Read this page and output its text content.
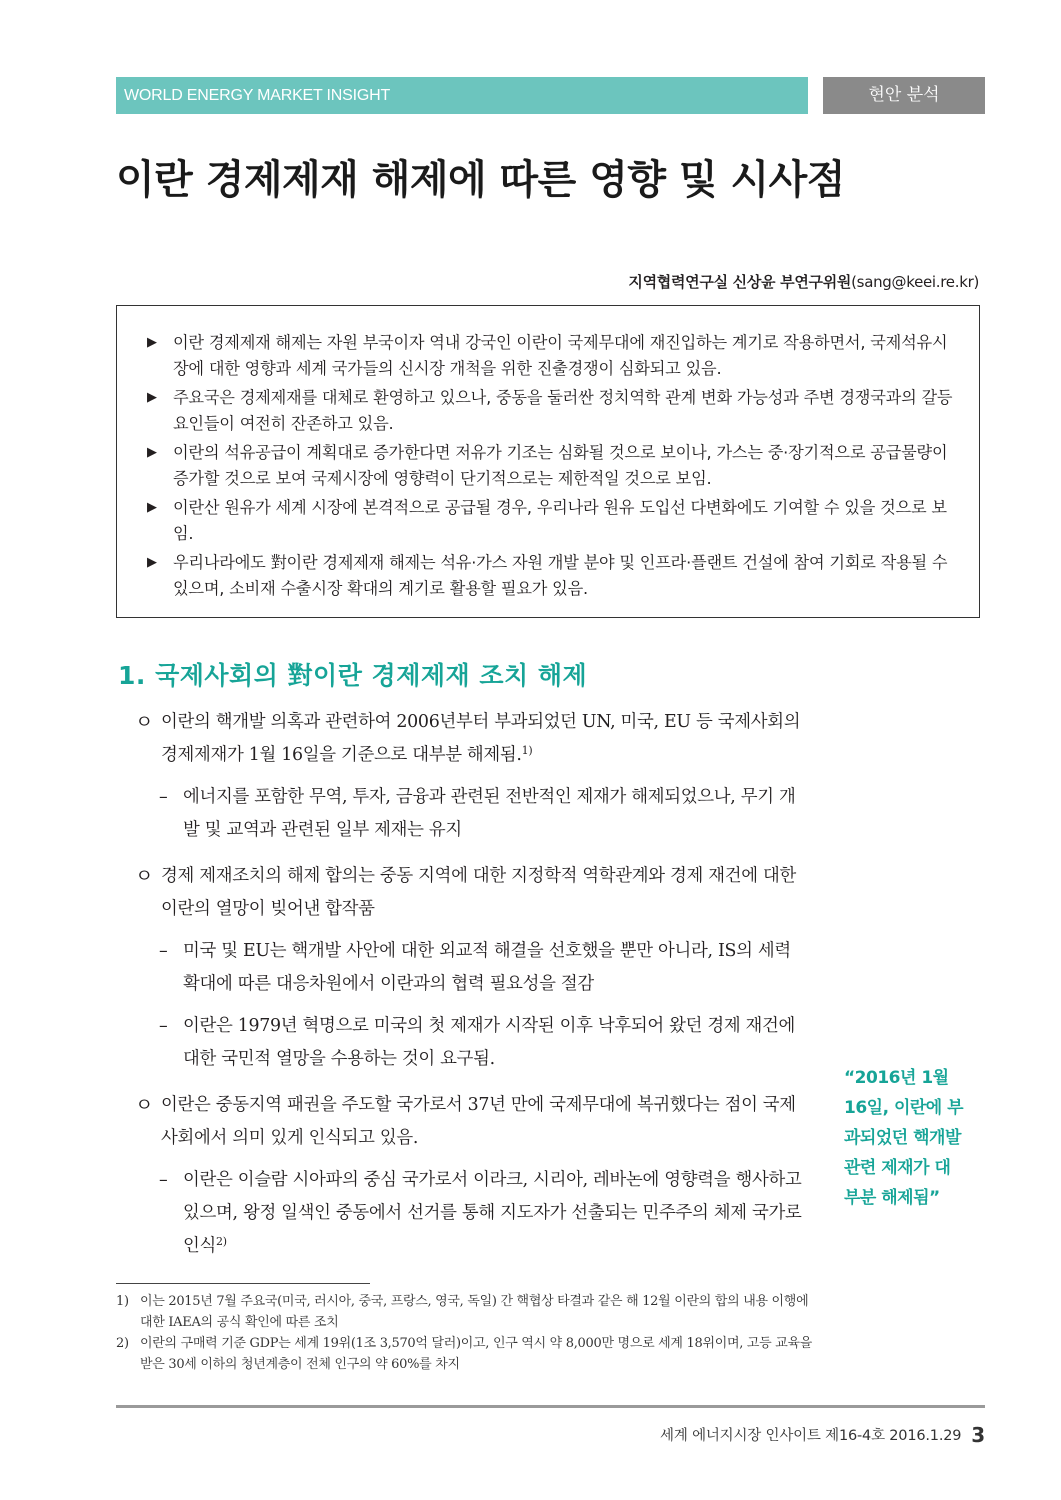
WORLD ENERGY MARKET INSIGHT	현안 분석
이란 경제제재 해제에 따른 영향 및 시사점
지역협력연구실 신상윤 부연구위원(sang@keei.re.kr)
▶ 이란 경제제재 해제는 자원 부국이자 역내 강국인 이란이 국제무대에 재진입하는 계기로 작용하면서, 국제석유시장에 대한 영향과 세계 국가들의 신시장 개척을 위한 진출경쟁이 심화되고 있음.
▶ 주요국은 경제제재를 대체로 환영하고 있으나, 중동을 둘러싼 정치역학 관계 변화 가능성과 주변 경쟁국과의 갈등 요인들이 여전히 잔존하고 있음.
▶ 이란의 석유공급이 계획대로 증가한다면 저유가 기조는 심화될 것으로 보이나, 가스는 중·장기적으로 공급물량이 증가할 것으로 보여 국제시장에 영향력이 단기적으로는 제한적일 것으로 보임.
▶ 이란산 원유가 세계 시장에 본격적으로 공급될 경우, 우리나라 원유 도입선 다변화에도 기여할 수 있을 것으로 보임.
▶ 우리나라에도 對이란 경제제재 해제는 석유·가스 자원 개발 분야 및 인프라·플랜트 건설에 참여 기회로 작용될 수 있으며, 소비재 수출시장 확대의 계기로 활용할 필요가 있음.
1. 국제사회의 對이란 경제제재 조치 해제
ㅇ 이란의 핵개발 의혹과 관련하여 2006년부터 부과되었던 UN, 미국, EU 등 국제사회의 경제제재가 1월 16일을 기준으로 대부분 해제됨.$^{1)}$
– 에너지를 포함한 무역, 투자, 금융과 관련된 전반적인 제재가 해제되었으나, 무기 개발 및 교역과 관련된 일부 제재는 유지
ㅇ 경제 제재조치의 해제 합의는 중동 지역에 대한 지정학적 역학관계와 경제 재건에 대한 이란의 열망이 빚어낸 합작품
– 미국 및 EU는 핵개발 사안에 대한 외교적 해결을 선호했을 뿐만 아니라, IS의 세력 확대에 따른 대응차원에서 이란과의 협력 필요성을 절감
– 이란은 1979년 혁명으로 미국의 첫 제재가 시작된 이후 낙후되어 왔던 경제 재건에 대한 국민적 열망을 수용하는 것이 요구됨.
ㅇ 이란은 중동지역 패권을 주도할 국가로서 37년 만에 국제무대에 복귀했다는 점이 국제사회에서 의미 있게 인식되고 있음.
– 이란은 이슬람 시아파의 중심 국가로서 이라크, 시리아, 레바논에 영향력을 행사하고 있으며, 왕정 일색인 중동에서 선거를 통해 지도자가 선출되는 민주주의 체제 국가로 인식$^{2)}$
“2016년 1월 16일, 이란에 부과되었던 핵개발 관련 제재가 대부분 해제됨”
1) 이는 2015년 7월 주요국(미국, 러시아, 중국, 프랑스, 영국, 독일) 간 핵협상 타결과 같은 해 12월 이란의 합의 내용 이행에 대한 IAEA의 공식 확인에 따른 조치
2) 이란의 구매력 기준 GDP는 세계 19위(1조 3,570억 달러)이고, 인구 역시 약 8,000만 명으로 세계 18위이며, 고등 교육을 받은 30세 이하의 청년계층이 전체 인구의 약 60%를 차지
세계 에너지시장 인사이트 제16-4호 2016.1.29 3
